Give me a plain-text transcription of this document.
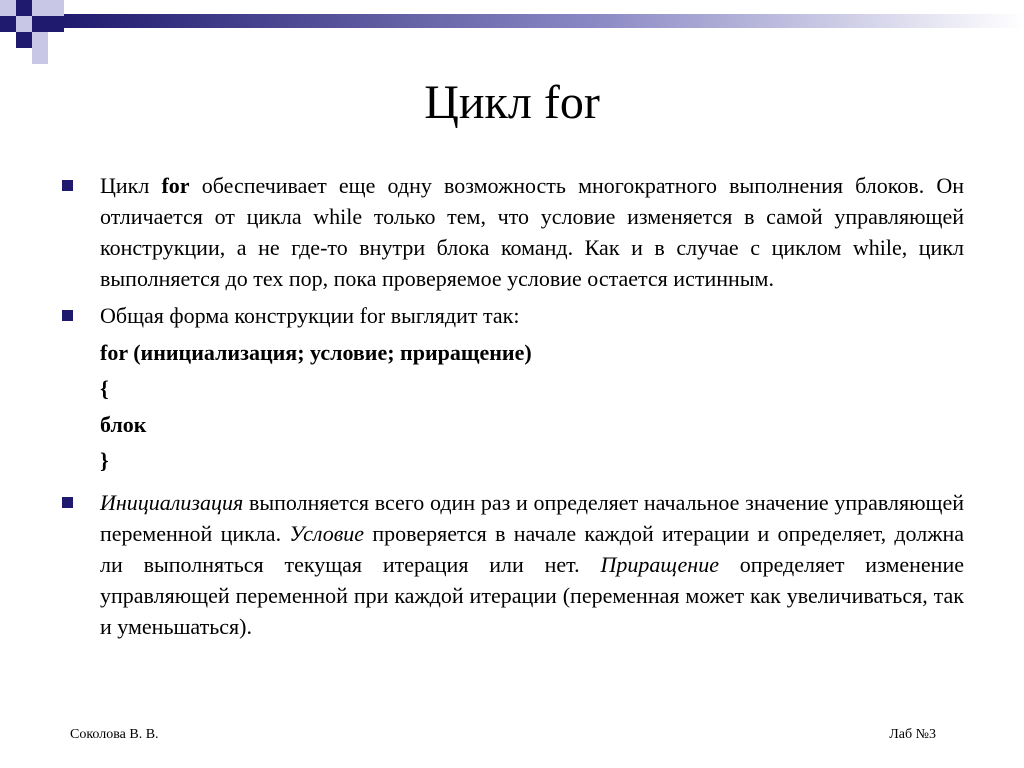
Цикл for

Цикл for обеспечивает еще одну возможность многократного выполнения блоков. Он отличается от цикла while только тем, что условие изменяется в самой управляющей конструкции, а не где-то внутри блока команд. Как и в случае с циклом while, цикл выполняется до тех пор, пока проверяемое условие остается истинным.

Общая форма конструкции for выглядит так:

for (инициализация; условие; приращение)
{
блок
}

Инициализация выполняется всего один раз и определяет начальное значение управляющей переменной цикла. Условие проверяется в начале каждой итерации и определяет, должна ли выполняться текущая итерация или нет. Приращение определяет изменение управляющей переменной при каждой итерации (переменная может как увеличиваться, так и уменьшаться).

Соколова В. В.	Лаб №3
